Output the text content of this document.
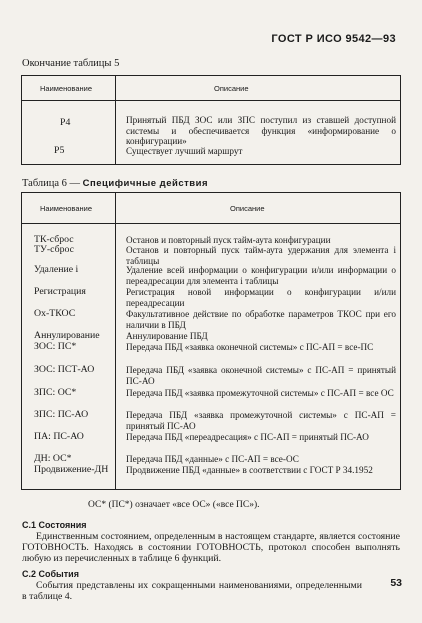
ГОСТ Р ИСО 9542—93
Окончание таблицы 5
Наименование	Описание
P4	Принятый ПБД ЗОС или ЗПС поступил из ставшей доступной системы и обеспечивается функция «информирование о конфигурации»
P5	Существует лучший маршрут
Таблица 6 — Специфичные действия
Наименование	Описание
ТК-сброс	Останов и повторный пуск тайм-аута конфигурации
ТУ-сброс	Останов и повторный пуск тайм-аута удержания для элемента i таблицы
Удаление i	Удаление всей информации о конфигурации и/или информации о переадресации для элемента i таблицы
Регистрация	Регистрация новой информации о конфигурации и/или переадресации
Ох-ТКОС	Факультативное действие по обработке параметров ТКОС при его наличии в ПБД
Аннулирование	Аннулирование ПБД
ЗОС: ПС*	Передача ПБД «заявка оконечной системы» с ПС-АП = все-ПС
ЗОС: ПСТ-АО	Передача ПБД «заявка оконечной системы» с ПС-АП = принятый ПС-АО
ЗПС: ОС*	Передача ПБД «заявка промежуточной системы» с ПС-АП = все ОС
ЗПС: ПС-АО	Передача ПБД «заявка промежуточной системы» с ПС-АП = принятый ПС-АО
ПА: ПС-АО	Передача ПБД «переадресация» с ПС-АП = принятый ПС-АО
ДН: ОС*	Передача ПБД «данные» с ПС-АП = все-ОС
Продвижение-ДН	Продвижение ПБД «данные» в соответствии с ГОСТ Р 34.1952
ОС* (ПС*) означает «все ОС» («все ПС»).
С.1 Состояния
Единственным состоянием, определенным в настоящем стандарте, является состояние ГОТОВНОСТЬ. Находясь в состоянии ГОТОВНОСТЬ, протокол способен выполнять любую из перечисленных в таблице 6 функций.
С.2 События
События представлены их сокращенными наименованиями, определенными в таблице 4.
53
